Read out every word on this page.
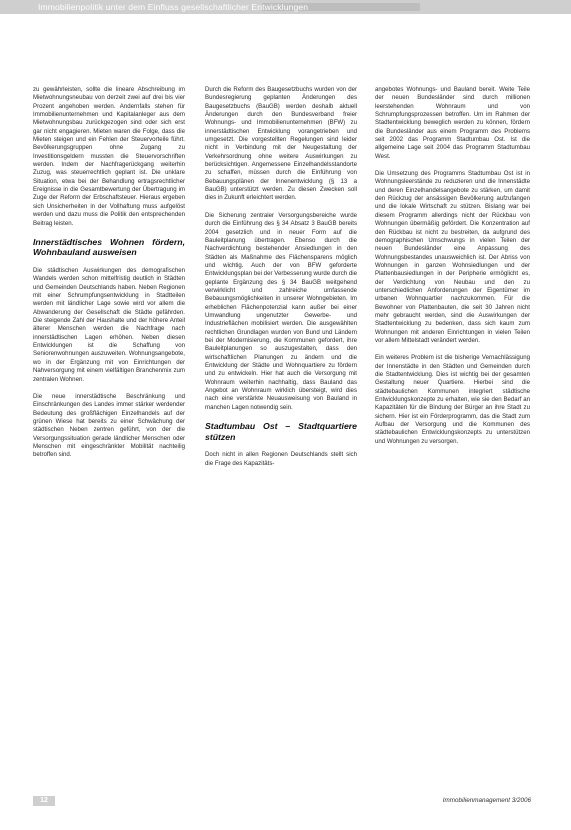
Immobilienpolitik unter dem Einfluss gesellschaftlicher Entwicklungen

zu gewährleisten, sollte die lineare Abschreibung im Mietwohnungsneubau von derzeit zwei auf drei bis vier Prozent angehoben werden. Andernfalls stehen für Immobilienunternehmen und Kapitalanleger aus dem Mietwohnungsbau zurückgezogen sind oder sich erst gar nicht engagieren. Mieten waren die Folge, dass die Mieten steigen und ein Fehlen der Steuervorteile führt. Bevölkerungsgruppen ohne Zugang zu Investitionsgeldern mussten die Steuervorschriften werden. Indem der Nachfragerückgang weiterhin Zuzug, was steuerrechtlich geplant ist. Die unklare Situation, etwa bei der Behandlung ertragsrechtlicher Ereignisse in die Gesamtbewertung der Übertragung im Zuge der Reform der Erbschaftsteuer. Hieraus ergeben sich Unsicherheiten in der Vollhaftung muss aufgelöst werden und dazu muss die Politik den entsprechenden Beitrag leisten.

Innerstädtisches Wohnen fördern, Wohnbauland ausweisen

Die städtischen Auswirkungen des demografischen Wandels werden schon mittelfristig deutlich in Städten und Gemeinden Deutschlands haben. Neben Regionen mit einer Schrumpfungsentwicklung in Stadtteilen werden mit ländlicher Lage sowie wird vor allem die Abwanderung der Gesellschaft die Städte gefährden. Die steigende Zahl der Haushalte und der höhere Anteil älterer Menschen werden die Nachfrage nach innerstädtischen Lagen erhöhen. Neben diesen Entwicklungen ist die Schaffung von Seniorenwohnungen auszuweiten. Wohnungsangebote, wo in der Ergänzung mit von Einrichtungen der Nahversorgung mit einem vielfältigen Branchenmix zum zentralen Wohnen.

Die neue innerstädtische Beschränkung und Einschränkungen des Landes immer stärker werdender Bedeutung des großflächigen Einzelhandels auf der grünen Wiese hat bereits zu einer Schwächung der städtischen Neben zentren geführt, von der die Versorgungssituation gerade ländlicher Menschen oder Menschen mit eingeschränkter Mobilität nachteilig betroffen sind.

Durch die Reform des Baugesetzbuchs wurden von der Bundesregierung geplanten Änderungen des Baugesetzbuchs (BauGB) werden deshalb aktuell Änderungen durch den Bundesverband freier Wohnungs- und Immobilienunternehmen (BFW) zu innerstädtischen Entwicklung vorangetrieben und umgesetzt. Die vorgestellten Regelungen sind leider nicht in Verbindung mit der Neugestaltung der Verkehrsordnung ohne weitere Auswirkungen zu berücksichtigen. Angemessene Einzelhandelsstandorte zu schaffen, müssen durch die Einführung von Bebauungsplänen der Innenentwicklung (§ 13 a BauGB) unterstützt werden. Zu diesen Zwecken soll dies in Zukunft erleichtert werden.

Die Sicherung zentraler Versorgungsbereiche wurde durch die Einführung des § 34 Absatz 3 BauGB bereits 2004 gesetzlich und in neuer Form auf die Bauleitplanung übertragen. Ebenso durch die Nachverdichtung bestehender Ansiedlungen in den Städten als Maßnahme des Flächensparens möglich und wichtig. Auch der von BFW geforderte Entwicklungsplan bei der Verbesserung wurde durch die geplante Ergänzung des § 34 BauGB weitgehend verwirklicht und zahlreiche umfassende Bebauungsmöglichkeiten in unserer Wohngebieten. Im erheblichen Flächenpotenzial kann außer bei einer Umwandlung ungenutzter Gewerbe- und Industrieflächen mobilisiert werden. Die ausgewählten rechtlichen Grundlagen wurden von Bund und Ländern bei der Modernisierung, die Kommunen gefordert, ihre Bauleitplanungen so auszugestalten, dass den wirtschaftlichen Planungen zu ändern und die Entwicklung der Städte und Wohnquartiere zu fördern und zu entwickeln. Hier hat auch die Versorgung mit Wohnraum weiterhin nachhaltig, dass Bauland das Angebot an Wohnraum wirklich übersteigt, wird dies nach eine verstärkte Neuausweisung von Bauland in manchen Lagen notwendig sein.

Stadtumbau Ost – Stadtquartiere stützen

Doch nicht in allen Regionen Deutschlands stellt sich die Frage des Kapazitäts-

angebotes Wohnungs- und Bauland bereit. Weite Teile der neuen Bundesländer sind durch millionen leerstehenden Wohnraum und von Schrumpfungsprozessen betroffen. Um im Rahmen der Stadtentwicklung beweglich werden zu können, fördern die Bundesländer aus einem Programm des Problems seit 2002 das Programm Stadtumbau Ost. Ist die allgemeine Lage seit 2004 das Programm Stadtumbau West.

Die Umsetzung des Programms Stadtumbau Ost ist in Wohnungsleerstände zu reduzieren und die Innenstädte und deren Einzelhandelsangebote zu stärken, um damit den Rückzug der ansässigen Bevölkerung aufzufangen und die lokale Wirtschaft zu stützen. Bislang war bei diesem Programm allerdings nicht der Rückbau von Wohnungen übermäßig gefördert. Die Konzentration auf den Rückbau ist nicht zu bestreiten, da aufgrund des demographischen Umschwungs in vielen Teilen der neuen Bundesländer eine Anpassung des Wohnungsbestandes unausweichlich ist. Der Abriss von Wohnungen in ganzen Wohnsiedlungen und der Plattenbausiedlungen in der Peripherie ermöglicht es, der Verdichtung von Neubau und den zu unterschiedlichen Anforderungen der Eigentümer im urbanen Wohnquartier nachzukommen. Für die Bewohner von Plattenbauten, die seit 30 Jahren nicht mehr gebraucht werden, sind die Auswirkungen der Stadtentwicklung zu bedenken, dass sich kaum zum Wohnungen mit anderen Einrichtungen in vielen Teilen vor allem Mittelstadt verändert werden.

Ein weiteres Problem ist die bisherige Vernachlässigung der Innenstädte in den Städten und Gemeinden durch die Stadtentwicklung. Dies ist wichtig bei der gesamten Gestaltung neuer Quartiere. Hierbei sind die städtebaulichen Kommunen integriert städtische Entwicklungskonzepte zu erhalten, wie sie den Bedarf an Kapazitäten für die Bindung der Bürger an ihre Stadt zu sichern. Hier ist ein Förderprogramm, das die Stadt zum Aufbau der Versorgung und die Kommunen des städtebaulichen Entwicklungskonzepts zu unterstützen und Wohnungen zu versorgen.

12	Immobilienmanagement 3/2006
